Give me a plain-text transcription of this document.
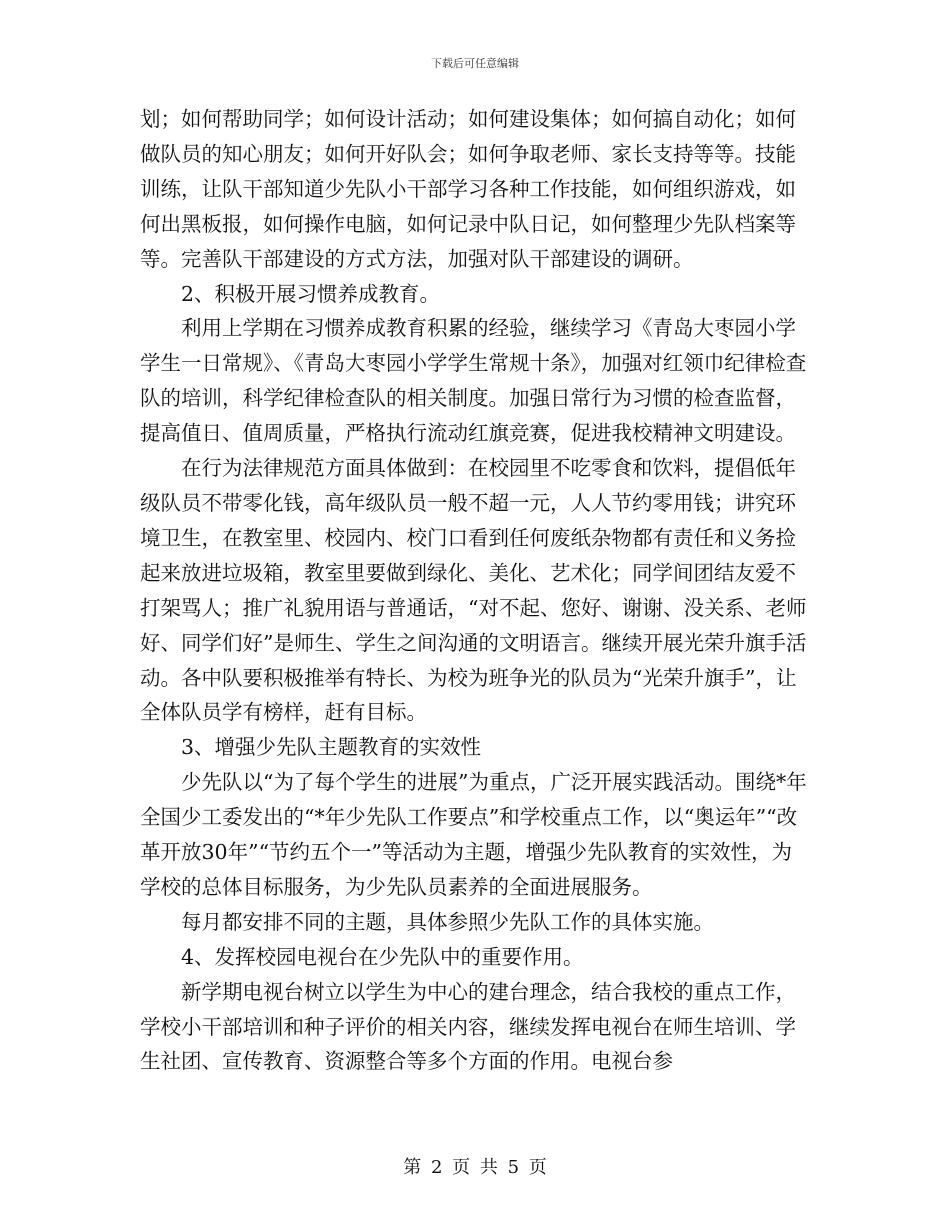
下载后可任意编辑

划；如何帮助同学；如何设计活动；如何建设集体；如何搞自动化；如何做队员的知心朋友；如何开好队会；如何争取老师、家长支持等等。技能训练，让队干部知道少先队小干部学习各种工作技能，如何组织游戏，如何出黑板报，如何操作电脑，如何记录中队日记，如何整理少先队档案等等。完善队干部建设的方式方法，加强对队干部建设的调研。

2、积极开展习惯养成教育。

利用上学期在习惯养成教育积累的经验，继续学习《青岛大枣园小学学生一日常规》、《青岛大枣园小学学生常规十条》，加强对红领巾纪律检查队的培训，科学纪律检查队的相关制度。加强日常行为习惯的检查监督，提高值日、值周质量，严格执行流动红旗竞赛，促进我校精神文明建设。

在行为法律规范方面具体做到：在校园里不吃零食和饮料，提倡低年级队员不带零化钱，高年级队员一般不超一元，人人节约零用钱；讲究环境卫生，在教室里、校园内、校门口看到任何废纸杂物都有责任和义务捡起来放进垃圾箱，教室里要做到绿化、美化、艺术化；同学间团结友爱不打架骂人；推广礼貌用语与普通话，“对不起、您好、谢谢、没关系、老师好、同学们好”是师生、学生之间沟通的文明语言。继续开展光荣升旗手活动。各中队要积极推举有特长、为校为班争光的队员为“光荣升旗手”，让全体队员学有榜样，赶有目标。

3、增强少先队主题教育的实效性

少先队以“为了每个学生的进展”为重点，广泛开展实践活动。围绕*年全国少工委发出的“*年少先队工作要点”和学校重点工作，以“奥运年”“改革开放30年”“节约五个一”等活动为主题，增强少先队教育的实效性，为学校的总体目标服务，为少先队员素养的全面进展服务。

每月都安排不同的主题，具体参照少先队工作的具体实施。

4、发挥校园电视台在少先队中的重要作用。

新学期电视台树立以学生为中心的建台理念，结合我校的重点工作，学校小干部培训和种子评价的相关内容，继续发挥电视台在师生培训、学生社团、宣传教育、资源整合等多个方面的作用。电视台参

第 2 页 共 5 页
